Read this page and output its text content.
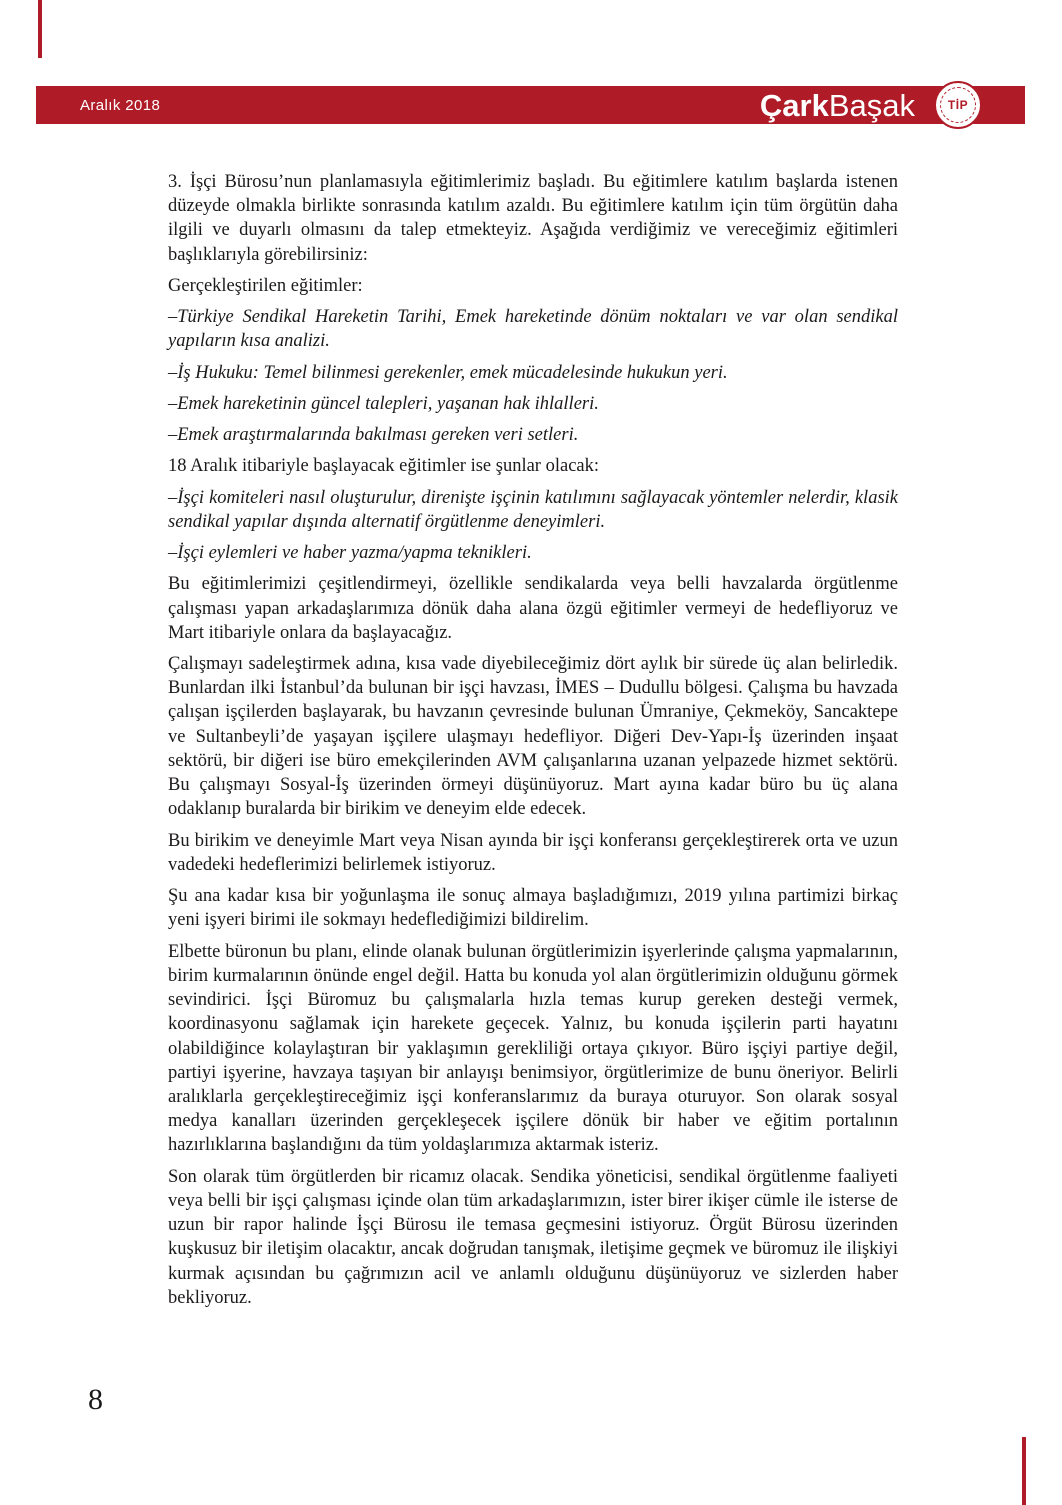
Aralık 2018	ÇarkBaşak	TİP

3. İşçi Bürosu’nun planlamasıyla eğitimlerimiz başladı. Bu eğitimlere katılım başlarda istenen düzeyde olmakla birlikte sonrasında katılım azaldı. Bu eğitimlere katılım için tüm örgütün daha ilgili ve duyarlı olmasını da talep etmekteyiz. Aşağıda verdiğimiz ve vereceğimiz eğitimleri başlıklarıyla görebilirsiniz:

Gerçekleştirilen eğitimler:

–Türkiye Sendikal Hareketin Tarihi, Emek hareketinde dönüm noktaları ve var olan sendikal yapıların kısa analizi.

–İş Hukuku: Temel bilinmesi gerekenler, emek mücadelesinde hukukun yeri.

–Emek hareketinin güncel talepleri, yaşanan hak ihlalleri.

–Emek araştırmalarında bakılması gereken veri setleri.

18 Aralık itibariyle başlayacak eğitimler ise şunlar olacak:

–İşçi komiteleri nasıl oluşturulur, direnişte işçinin katılımını sağlayacak yöntemler nelerdir, klasik sendikal yapılar dışında alternatif örgütlenme deneyimleri.

–İşçi eylemleri ve haber yazma/yapma teknikleri.

Bu eğitimlerimizi çeşitlendirmeyi, özellikle sendikalarda veya belli havzalarda örgütlenme çalışması yapan arkadaşlarımıza dönük daha alana özgü eğitimler vermeyi de hedefliyoruz ve Mart itibariyle onlara da başlayacağız.

Çalışmayı sadeleştirmek adına, kısa vade diyebileceğimiz dört aylık bir sürede üç alan belirledik. Bunlardan ilki İstanbul’da bulunan bir işçi havzası, İMES – Dudullu bölgesi. Çalışma bu havzada çalışan işçilerden başlayarak, bu havzanın çevresinde bulunan Ümraniye, Çekmeköy, Sancaktepe ve Sultanbeyli’de yaşayan işçilere ulaşmayı hedefliyor. Diğeri Dev-Yapı-İş üzerinden inşaat sektörü, bir diğeri ise büro emekçilerinden AVM çalışanlarına uzanan yelpazede hizmet sektörü. Bu çalışmayı Sosyal-İş üzerinden örmeyi düşünüyoruz. Mart ayına kadar büro bu üç alana odaklanıp buralarda bir birikim ve deneyim elde edecek.

Bu birikim ve deneyimle Mart veya Nisan ayında bir işçi konferansı gerçekleştirerek orta ve uzun vadedeki hedeflerimizi belirlemek istiyoruz.

Şu ana kadar kısa bir yoğunlaşma ile sonuç almaya başladığımızı, 2019 yılına partimizi birkaç yeni işyeri birimi ile sokmayı hedeflediğimizi bildirelim.

Elbette büronun bu planı, elinde olanak bulunan örgütlerimizin işyerlerinde çalışma yapmalarının, birim kurmalarının önünde engel değil. Hatta bu konuda yol alan örgütlerimizin olduğunu görmek sevindirici. İşçi Büromuz bu çalışmalarla hızla temas kurup gereken desteği vermek, koordinasyonu sağlamak için harekete geçecek. Yalnız, bu konuda işçilerin parti hayatını olabildiğince kolaylaştıran bir yaklaşımın gerekliliği ortaya çıkıyor. Büro işçiyi partiye değil, partiyi işyerine, havzaya taşıyan bir anlayışı benimsiyor, örgütlerimize de bunu öneriyor. Belirli aralıklarla gerçekleştireceğimiz işçi konferanslarımız da buraya oturuyor. Son olarak sosyal medya kanalları üzerinden gerçekleşecek işçilere dönük bir haber ve eğitim portalının hazırlıklarına başlandığını da tüm yoldaşlarımıza aktarmak isteriz.

Son olarak tüm örgütlerden bir ricamız olacak. Sendika yöneticisi, sendikal örgütlenme faaliyeti veya belli bir işçi çalışması içinde olan tüm arkadaşlarımızın, ister birer ikişer cümle ile isterse de uzun bir rapor halinde İşçi Bürosu ile temasa geçmesini istiyoruz. Örgüt Bürosu üzerinden kuşkusuz bir iletişim olacaktır, ancak doğrudan tanışmak, iletişime geçmek ve büromuz ile ilişkiyi kurmak açısından bu çağrımızın acil ve anlamlı olduğunu düşünüyoruz ve sizlerden haber bekliyoruz.

8
